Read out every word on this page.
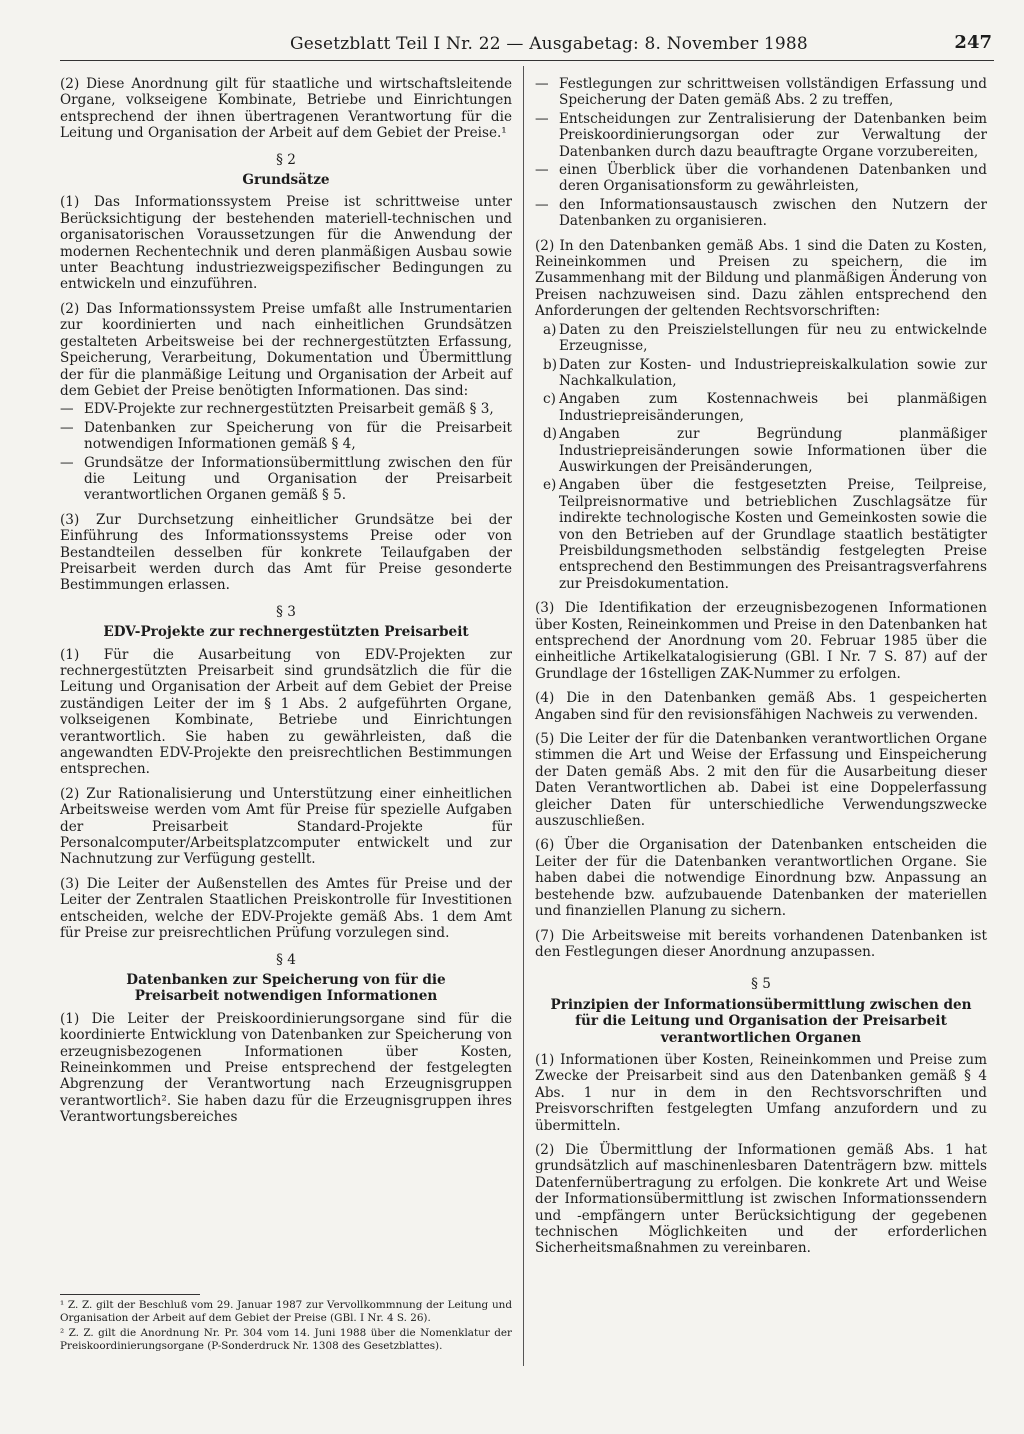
Gesetzblatt Teil I Nr. 22 — Ausgabetag: 8. November 1988	247

(2) Diese Anordnung gilt für staatliche und wirtschaftsleitende Organe, volkseigene Kombinate, Betriebe und Einrichtungen entsprechend der ihnen übertragenen Verantwortung für die Leitung und Organisation der Arbeit auf dem Gebiet der Preise.¹

§ 2
Grundsätze

(1) Das Informationssystem Preise ist schrittweise unter Berücksichtigung der bestehenden materiell-technischen und organisatorischen Voraussetzungen für die Anwendung der modernen Rechentechnik und deren planmäßigen Ausbau sowie unter Beachtung industriezweigspezifischer Bedingungen zu entwickeln und einzuführen.

(2) Das Informationssystem Preise umfaßt alle Instrumentarien zur koordinierten und nach einheitlichen Grundsätzen gestalteten Arbeitsweise bei der rechnergestützten Erfassung, Speicherung, Verarbeitung, Dokumentation und Übermittlung der für die planmäßige Leitung und Organisation der Arbeit auf dem Gebiet der Preise benötigten Informationen. Das sind:

— EDV-Projekte zur rechnergestützten Preisarbeit gemäß § 3,
— Datenbanken zur Speicherung von für die Preisarbeit notwendigen Informationen gemäß § 4,
— Grundsätze der Informationsübermittlung zwischen den für die Leitung und Organisation der Preisarbeit verantwortlichen Organen gemäß § 5.

(3) Zur Durchsetzung einheitlicher Grundsätze bei der Einführung des Informationssystems Preise oder von Bestandteilen desselben für konkrete Teilaufgaben der Preisarbeit werden durch das Amt für Preise gesonderte Bestimmungen erlassen.

§ 3
EDV-Projekte zur rechnergestützten Preisarbeit

(1) Für die Ausarbeitung von EDV-Projekten zur rechnergestützten Preisarbeit sind grundsätzlich die für die Leitung und Organisation der Arbeit auf dem Gebiet der Preise zuständigen Leiter der im § 1 Abs. 2 aufgeführten Organe, volkseigenen Kombinate, Betriebe und Einrichtungen verantwortlich. Sie haben zu gewährleisten, daß die angewandten EDV-Projekte den preisrechtlichen Bestimmungen entsprechen.

(2) Zur Rationalisierung und Unterstützung einer einheitlichen Arbeitsweise werden vom Amt für Preise für spezielle Aufgaben der Preisarbeit Standard-Projekte für Personalcomputer/Arbeitsplatzcomputer entwickelt und zur Nachnutzung zur Verfügung gestellt.

(3) Die Leiter der Außenstellen des Amtes für Preise und der Leiter der Zentralen Staatlichen Preiskontrolle für Investitionen entscheiden, welche der EDV-Projekte gemäß Abs. 1 dem Amt für Preise zur preisrechtlichen Prüfung vorzulegen sind.

§ 4
Datenbanken zur Speicherung von für die Preisarbeit notwendigen Informationen

(1) Die Leiter der Preiskoordinierungsorgane sind für die koordinierte Entwicklung von Datenbanken zur Speicherung von erzeugnisbezogenen Informationen über Kosten, Reineinkommen und Preise entsprechend der festgelegten Abgrenzung der Verantwortung nach Erzeugnisgruppen verantwortlich². Sie haben dazu für die Erzeugnisgruppen ihres Verantwortungsbereiches

¹ Z. Z. gilt der Beschluß vom 29. Januar 1987 zur Vervollkommnung der Leitung und Organisation der Arbeit auf dem Gebiet der Preise (GBl. I Nr. 4 S. 26).
² Z. Z. gilt die Anordnung Nr. Pr. 304 vom 14. Juni 1988 über die Nomenklatur der Preiskoordinierungsorgane (P-Sonderdruck Nr. 1308 des Gesetzblattes).
— Festlegungen zur schrittweisen vollständigen Erfassung und Speicherung der Daten gemäß Abs. 2 zu treffen,
— Entscheidungen zur Zentralisierung der Datenbanken beim Preiskoordinierungsorgan oder zur Verwaltung der Datenbanken durch dazu beauftragte Organe vorzubereiten,
— einen Überblick über die vorhandenen Datenbanken und deren Organisationsform zu gewährleisten,
— den Informationsaustausch zwischen den Nutzern der Datenbanken zu organisieren.

(2) In den Datenbanken gemäß Abs. 1 sind die Daten zu Kosten, Reineinkommen und Preisen zu speichern, die im Zusammenhang mit der Bildung und planmäßigen Änderung von Preisen nachzuweisen sind. Dazu zählen entsprechend den Anforderungen der geltenden Rechtsvorschriften:

a) Daten zu den Preiszielstellungen für neu zu entwickelnde Erzeugnisse,
b) Daten zur Kosten- und Industriepreiskalkulation sowie zur Nachkalkulation,
c) Angaben zum Kostennachweis bei planmäßigen Industriepreisänderungen,
d) Angaben zur Begründung planmäßiger Industriepreisänderungen sowie Informationen über die Auswirkungen der Preisänderungen,
e) Angaben über die festgesetzten Preise, Teilpreise, Teilpreisnormative und betrieblichen Zuschlagsätze für indirekte technologische Kosten und Gemeinkosten sowie die von den Betrieben auf der Grundlage staatlich bestätigter Preisbildungsmethoden selbständig festgelegten Preise entsprechend den Bestimmungen des Preisantragsverfahrens zur Preisdokumentation.

(3) Die Identifikation der erzeugnisbezogenen Informationen über Kosten, Reineinkommen und Preise in den Datenbanken hat entsprechend der Anordnung vom 20. Februar 1985 über die einheitliche Artikelkatalogisierung (GBl. I Nr. 7 S. 87) auf der Grundlage der 16stelligen ZAK-Nummer zu erfolgen.

(4) Die in den Datenbanken gemäß Abs. 1 gespeicherten Angaben sind für den revisionsfähigen Nachweis zu verwenden.

(5) Die Leiter der für die Datenbanken verantwortlichen Organe stimmen die Art und Weise der Erfassung und Einspeicherung der Daten gemäß Abs. 2 mit den für die Ausarbeitung dieser Daten Verantwortlichen ab. Dabei ist eine Doppelerfassung gleicher Daten für unterschiedliche Verwendungszwecke auszuschließen.

(6) Über die Organisation der Datenbanken entscheiden die Leiter der für die Datenbanken verantwortlichen Organe. Sie haben dabei die notwendige Einordnung bzw. Anpassung an bestehende bzw. aufzubauende Datenbanken der materiellen und finanziellen Planung zu sichern.

(7) Die Arbeitsweise mit bereits vorhandenen Datenbanken ist den Festlegungen dieser Anordnung anzupassen.

§ 5
Prinzipien der Informationsübermittlung zwischen den für die Leitung und Organisation der Preisarbeit verantwortlichen Organen

(1) Informationen über Kosten, Reineinkommen und Preise zum Zwecke der Preisarbeit sind aus den Datenbanken gemäß § 4 Abs. 1 nur in dem in den Rechtsvorschriften und Preisvorschriften festgelegten Umfang anzufordern und zu übermitteln.

(2) Die Übermittlung der Informationen gemäß Abs. 1 hat grundsätzlich auf maschinenlesbaren Datenträgern bzw. mittels Datenfernübertragung zu erfolgen. Die konkrete Art und Weise der Informationsübermittlung ist zwischen Informationssendern und -empfängern unter Berücksichtigung der gegebenen technischen Möglichkeiten und der erforderlichen Sicherheitsmaßnahmen zu vereinbaren.
